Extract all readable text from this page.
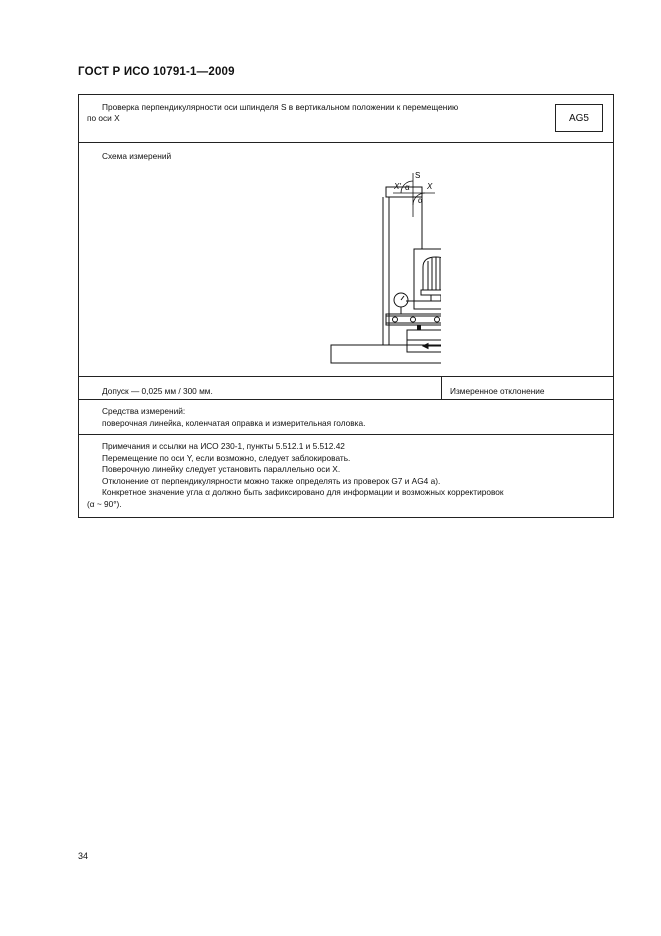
ГОСТ Р ИСО 10791-1—2009
Проверка перпендикулярности оси шпинделя S в вертикальном положении к перемещению
по оси X	AG5
Схема измерений
S
X' α X
α
Допуск — 0,025 мм / 300 мм.	Измеренное отклонение
Средства измерений:
поверочная линейка, коленчатая оправка и измерительная головка.
Примечания и ссылки на ИСО 230-1, пункты 5.512.1 и 5.512.42
Перемещение по оси Y, если возможно, следует заблокировать.
Поверочную линейку следует установить параллельно оси X.
Отклонение от перпендикулярности можно также определять из проверок G7 и AG4 a).
Конкретное значение угла α должно быть зафиксировано для информации и возможных корректировок
(α ~ 90°).
34
